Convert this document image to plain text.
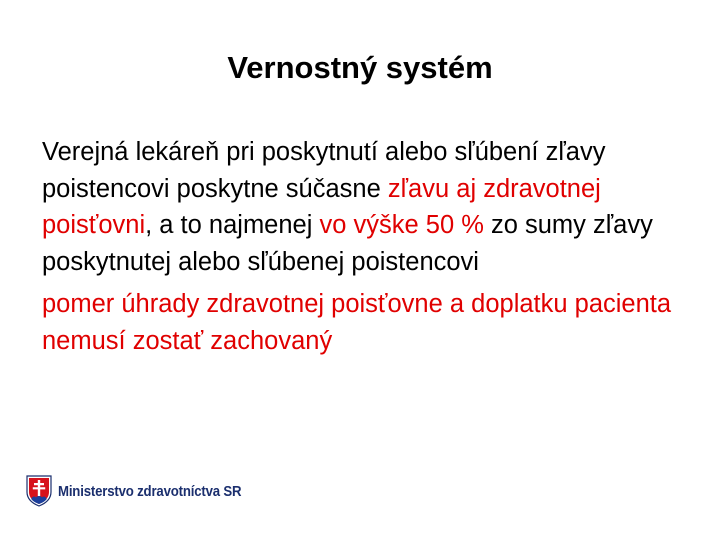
Vernostný systém

Verejná lekáreň pri poskytnutí alebo sľúbení zľavy poistencovi poskytne súčasne zľavu aj zdravotnej poisťovni, a to najmenej vo výške 50 % zo sumy zľavy poskytnutej alebo sľúbenej poistencovi

pomer úhrady zdravotnej poisťovne a doplatku pacienta nemusí zostať zachovaný

Ministerstvo zdravotníctva SR
